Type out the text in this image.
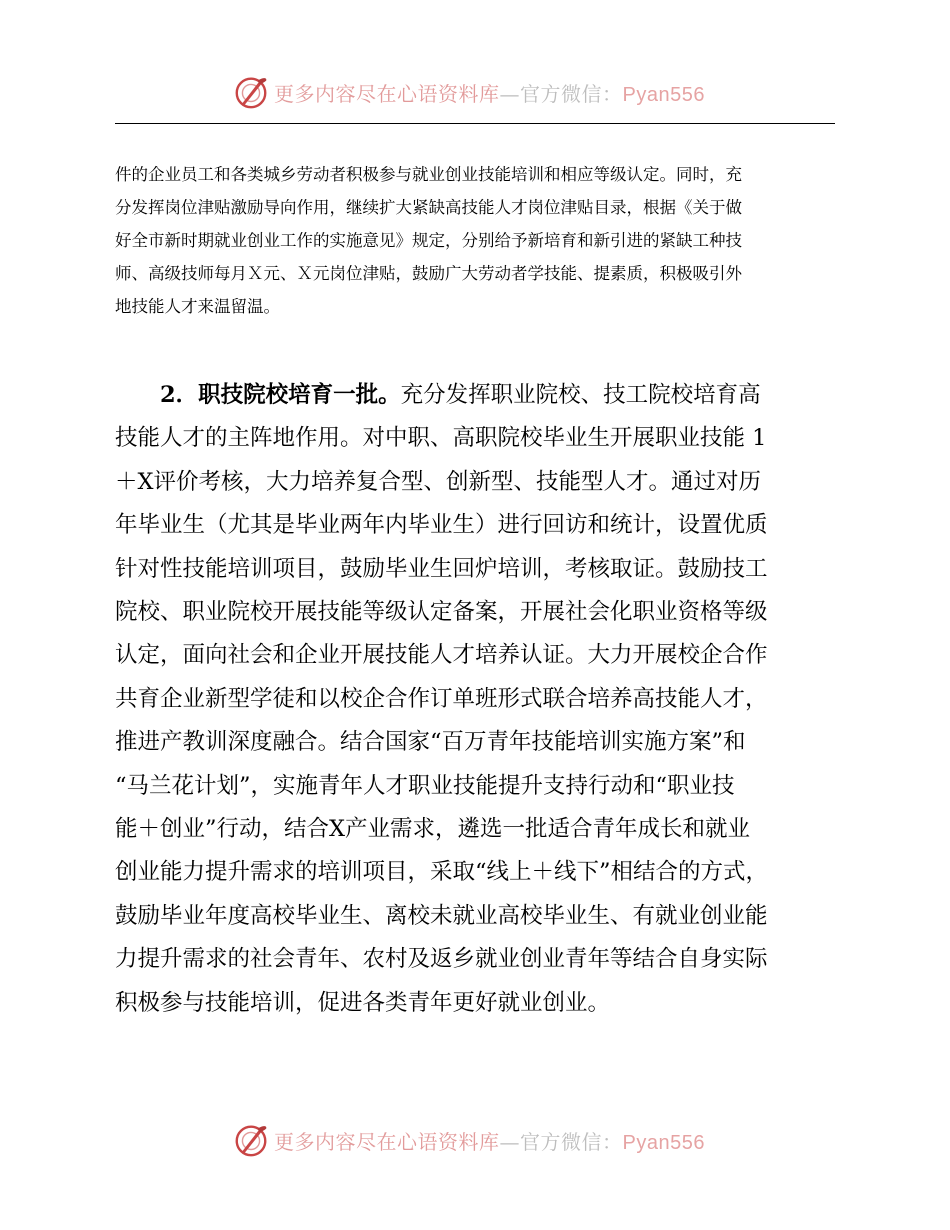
更多内容尽在心语资料库—官方微信：Pyan556

件的企业员工和各类城乡劳动者积极参与就业创业技能培训和相应等级认定。同时，充
分发挥岗位津贴激励导向作用，继续扩大紧缺高技能人才岗位津贴目录，根据《关于做
好全市新时期就业创业工作的实施意见》规定，分别给予新培育和新引进的紧缺工种技
师、高级技师每月Ｘ元、Ｘ元岗位津贴，鼓励广大劳动者学技能、提素质，积极吸引外
地技能人才来温留温。

　　2．职技院校培育一批。充分发挥职业院校、技工院校培育高
技能人才的主阵地作用。对中职、高职院校毕业生开展职业技能 1
＋X评价考核，大力培养复合型、创新型、技能型人才。通过对历
年毕业生（尤其是毕业两年内毕业生）进行回访和统计，设置优质
针对性技能培训项目，鼓励毕业生回炉培训，考核取证。鼓励技工
院校、职业院校开展技能等级认定备案，开展社会化职业资格等级
认定，面向社会和企业开展技能人才培养认证。大力开展校企合作
共育企业新型学徒和以校企合作订单班形式联合培养高技能人才，
推进产教训深度融合。结合国家“百万青年技能培训实施方案”和
“马兰花计划”，实施青年人才职业技能提升支持行动和“职业技
能＋创业”行动，结合X产业需求，遴选一批适合青年成长和就业
创业能力提升需求的培训项目，采取“线上＋线下”相结合的方式，
鼓励毕业年度高校毕业生、离校未就业高校毕业生、有就业创业能
力提升需求的社会青年、农村及返乡就业创业青年等结合自身实际
积极参与技能培训，促进各类青年更好就业创业。

更多内容尽在心语资料库—官方微信：Pyan556
